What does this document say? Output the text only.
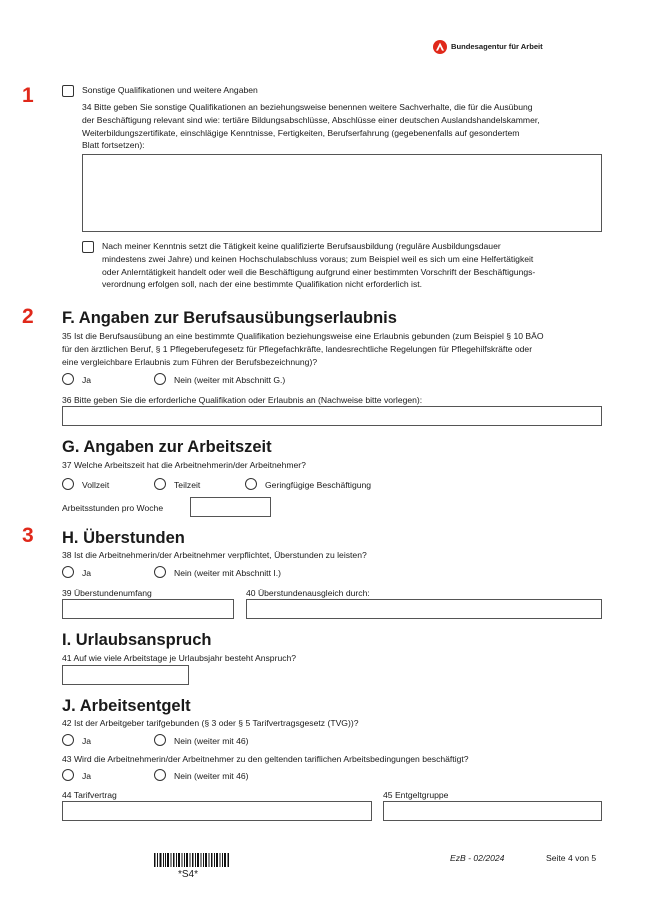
Bundesagentur für Arbeit
1
2
3
Sonstige Qualifikationen und weitere Angaben
34 Bitte geben Sie sonstige Qualifikationen an beziehungsweise benennen weitere Sachverhalte, die für die Ausübung
der Beschäftigung relevant sind wie: tertiäre Bildungsabschlüsse, Abschlüsse einer deutschen Auslandshandelskammer,
Weiterbildungszertifikate, einschlägige Kenntnisse, Fertigkeiten, Berufserfahrung (gegebenenfalls auf gesondertem
Blatt fortsetzen):
Nach meiner Kenntnis setzt die Tätigkeit keine qualifizierte Berufsausbildung (reguläre Ausbildungsdauer
mindestens zwei Jahre) und keinen Hochschulabschluss voraus; zum Beispiel weil es sich um eine Helfertätigkeit
oder Anlerntätigkeit handelt oder weil die Beschäftigung aufgrund einer bestimmten Vorschrift der Beschäftigungs-
verordnung erfolgen soll, nach der eine bestimmte Qualifikation nicht erforderlich ist.
F. Angaben zur Berufsausübungserlaubnis
35 Ist die Berufsausübung an eine bestimmte Qualifikation beziehungsweise eine Erlaubnis gebunden (zum Beispiel § 10 BÄO
für den ärztlichen Beruf, § 1 Pflegeberufegesetz für Pflegefachkräfte, landesrechtliche Regelungen für Pflegehilfskräfte oder
eine vergleichbare Erlaubnis zum Führen der Berufsbezeichnung)?
Ja	Nein (weiter mit Abschnitt G.)
36 Bitte geben Sie die erforderliche Qualifikation oder Erlaubnis an (Nachweise bitte vorlegen):
G. Angaben zur Arbeitszeit
37 Welche Arbeitszeit hat die Arbeitnehmerin/der Arbeitnehmer?
Vollzeit	Teilzeit	Geringfügige Beschäftigung
Arbeitsstunden pro Woche
H. Überstunden
38 Ist die Arbeitnehmerin/der Arbeitnehmer verpflichtet, Überstunden zu leisten?
Ja	Nein (weiter mit Abschnitt I.)
39 Überstundenumfang	40 Überstundenausgleich durch:
I. Urlaubsanspruch
41 Auf wie viele Arbeitstage je Urlaubsjahr besteht Anspruch?
J. Arbeitsentgelt
42 Ist der Arbeitgeber tarifgebunden (§ 3 oder § 5 Tarifvertragsgesetz (TVG))?
Ja	Nein (weiter mit 46)
43 Wird die Arbeitnehmerin/der Arbeitnehmer zu den geltenden tariflichen Arbeitsbedingungen beschäftigt?
Ja	Nein (weiter mit 46)
44 Tarifvertrag	45 Entgeltgruppe
*S4*
EzB - 02/2024	Seite 4 von 5
